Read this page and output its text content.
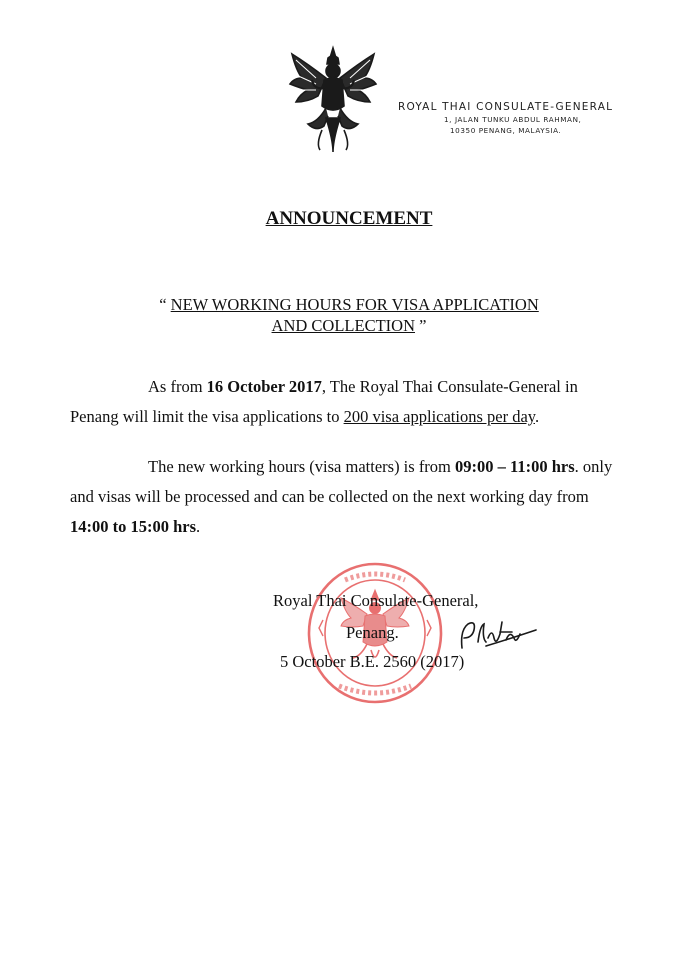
ROYAL THAI CONSULATE-GENERAL
1, JALAN TUNKU ABDUL RAHMAN,
10350 PENANG, MALAYSIA.
ANNOUNCEMENT
“ NEW WORKING HOURS FOR VISA APPLICATION
AND COLLECTION ”
As from 16 October 2017, The Royal Thai Consulate-General in Penang will limit the visa applications to 200 visa applications per day.
The new working hours (visa matters) is from 09:00 – 11:00 hrs. only and visas will be processed and can be collected on the next working day from 14:00 to 15:00 hrs.
Royal Thai Consulate-General,
Penang.
5 October B.E. 2560 (2017)
